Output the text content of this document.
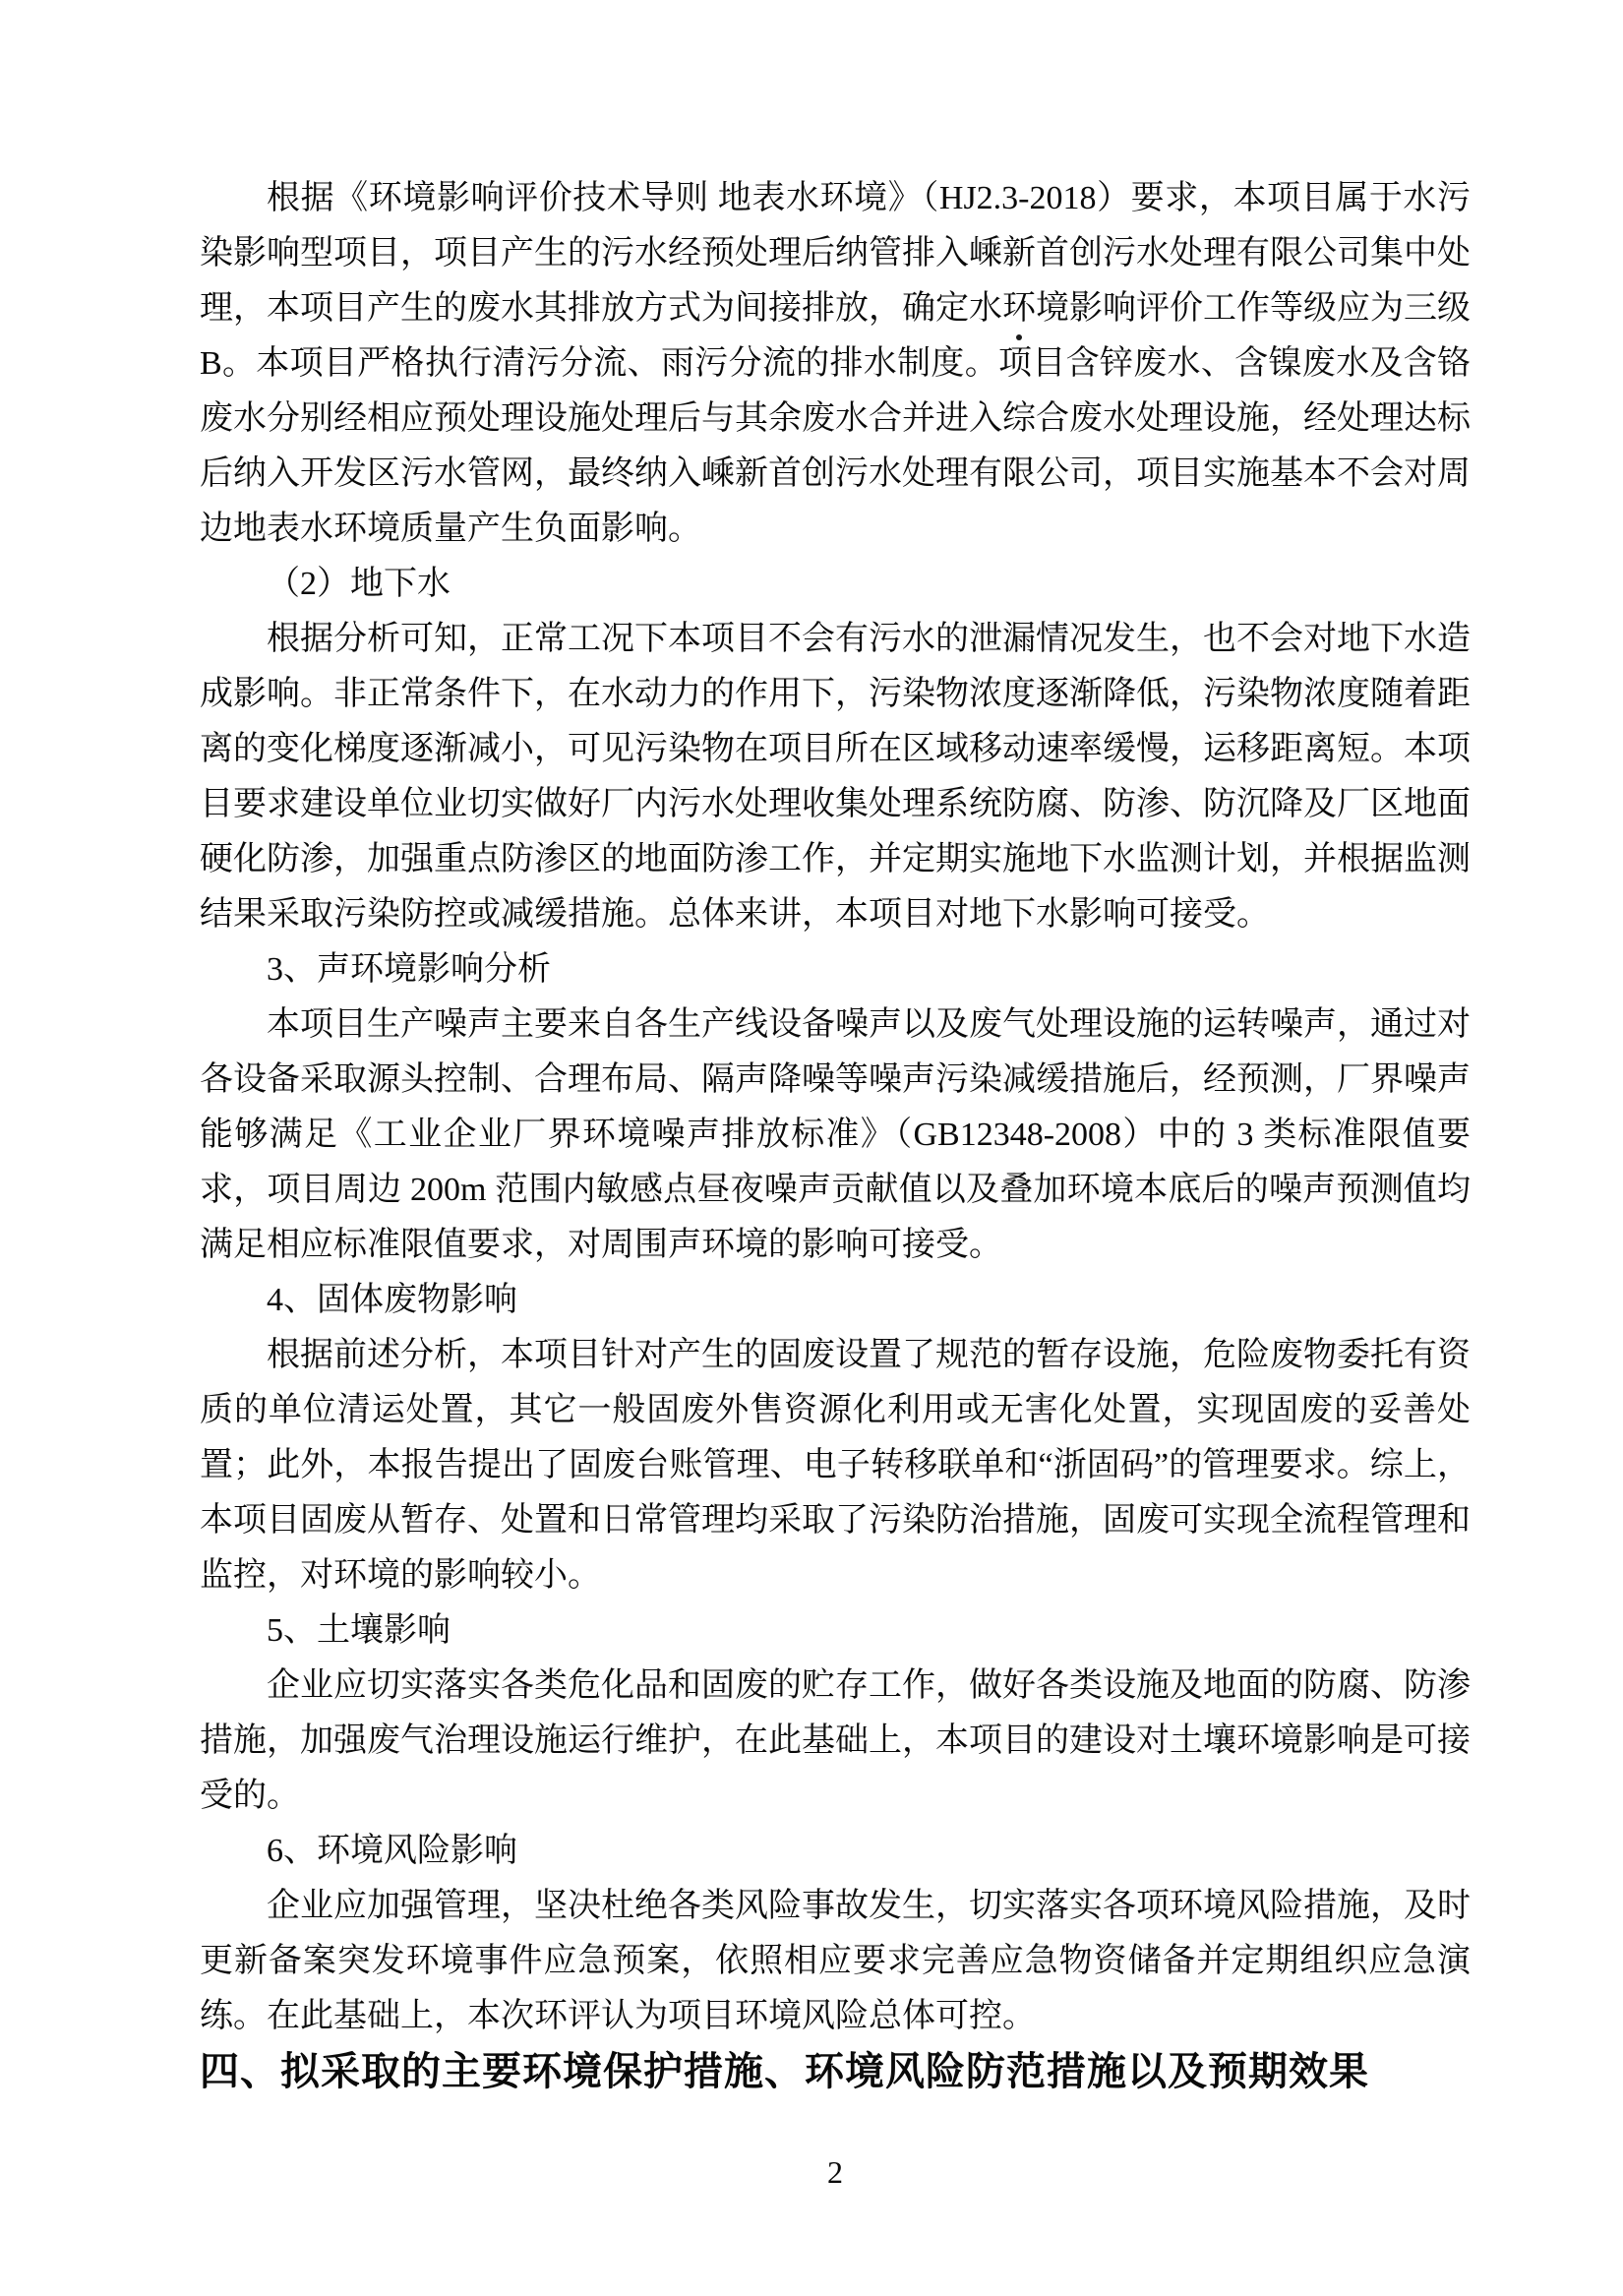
根据《环境影响评价技术导则 地表水环境》（HJ2.3-2018）要求，本项目属于水污染影响型项目，项目产生的污水经预处理后纳管排入嵊新首创污水处理有限公司集中处理，本项目产生的废水其排放方式为间接排放，确定水环境影响评价工作等级应为三级B。本项目严格执行清污分流、雨污分流的排水制度。项目含锌废水、含镍废水及含铬废水分别经相应预处理设施处理后与其余废水合并进入综合废水处理设施，经处理达标后纳入开发区污水管网，最终纳入嵊新首创污水处理有限公司，项目实施基本不会对周边地表水环境质量产生负面影响。

（2）地下水

根据分析可知，正常工况下本项目不会有污水的泄漏情况发生，也不会对地下水造成影响。非正常条件下，在水动力的作用下，污染物浓度逐渐降低，污染物浓度随着距离的变化梯度逐渐减小，可见污染物在项目所在区域移动速率缓慢，运移距离短。本项目要求建设单位业切实做好厂内污水处理收集处理系统防腐、防渗、防沉降及厂区地面硬化防渗，加强重点防渗区的地面防渗工作，并定期实施地下水监测计划，并根据监测结果采取污染防控或减缓措施。总体来讲，本项目对地下水影响可接受。

3、声环境影响分析

本项目生产噪声主要来自各生产线设备噪声以及废气处理设施的运转噪声，通过对各设备采取源头控制、合理布局、隔声降噪等噪声污染减缓措施后，经预测，厂界噪声能够满足《工业企业厂界环境噪声排放标准》（GB12348-2008）中的 3 类标准限值要求，项目周边 200m 范围内敏感点昼夜噪声贡献值以及叠加环境本底后的噪声预测值均满足相应标准限值要求，对周围声环境的影响可接受。

4、固体废物影响

根据前述分析，本项目针对产生的固废设置了规范的暂存设施，危险废物委托有资质的单位清运处置，其它一般固废外售资源化利用或无害化处置，实现固废的妥善处置；此外，本报告提出了固废台账管理、电子转移联单和“浙固码”的管理要求。综上，本项目固废从暂存、处置和日常管理均采取了污染防治措施，固废可实现全流程管理和监控，对环境的影响较小。

5、土壤影响

企业应切实落实各类危化品和固废的贮存工作，做好各类设施及地面的防腐、防渗措施，加强废气治理设施运行维护，在此基础上，本项目的建设对土壤环境影响是可接受的。

6、环境风险影响

企业应加强管理，坚决杜绝各类风险事故发生，切实落实各项环境风险措施，及时更新备案突发环境事件应急预案，依照相应要求完善应急物资储备并定期组织应急演练。在此基础上，本次环评认为项目环境风险总体可控。

四、拟采取的主要环境保护措施、环境风险防范措施以及预期效果

2
